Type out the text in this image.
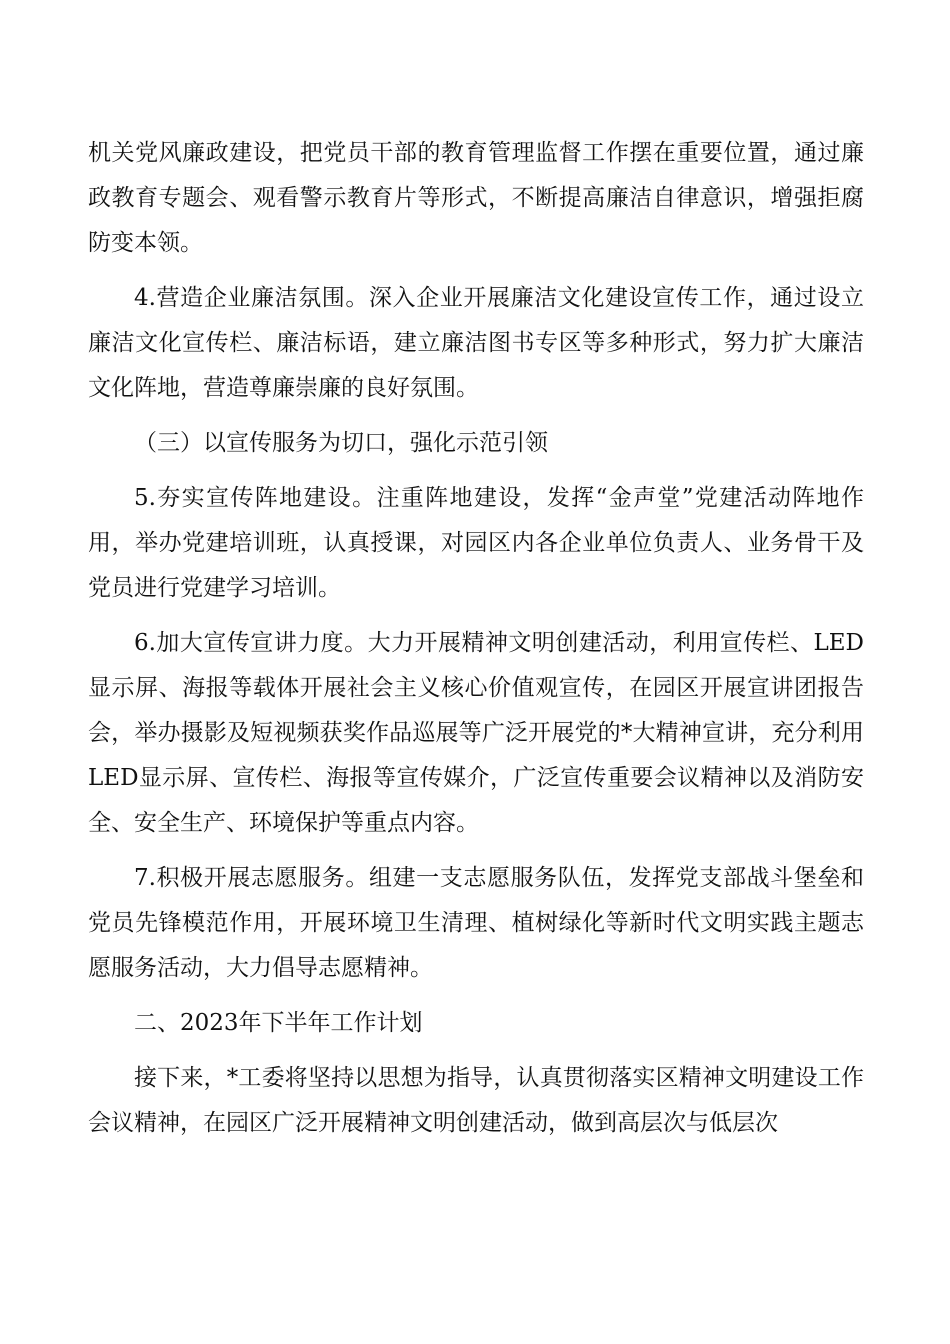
机关党风廉政建设，把党员干部的教育管理监督工作摆在重要位置，通过廉政教育专题会、观看警示教育片等形式，不断提高廉洁自律意识，增强拒腐防变本领。

4.营造企业廉洁氛围。深入企业开展廉洁文化建设宣传工作，通过设立廉洁文化宣传栏、廉洁标语，建立廉洁图书专区等多种形式，努力扩大廉洁文化阵地，营造尊廉崇廉的良好氛围。

（三）以宣传服务为切口，强化示范引领

5.夯实宣传阵地建设。注重阵地建设，发挥“金声堂”党建活动阵地作用，举办党建培训班，认真授课，对园区内各企业单位负责人、业务骨干及党员进行党建学习培训。

6.加大宣传宣讲力度。大力开展精神文明创建活动，利用宣传栏、LED显示屏、海报等载体开展社会主义核心价值观宣传，在园区开展宣讲团报告会，举办摄影及短视频获奖作品巡展等广泛开展党的*大精神宣讲，充分利用LED显示屏、宣传栏、海报等宣传媒介，广泛宣传重要会议精神以及消防安全、安全生产、环境保护等重点内容。

7.积极开展志愿服务。组建一支志愿服务队伍，发挥党支部战斗堡垒和党员先锋模范作用，开展环境卫生清理、植树绿化等新时代文明实践主题志愿服务活动，大力倡导志愿精神。

二、2023年下半年工作计划

接下来，*工委将坚持以思想为指导，认真贯彻落实区精神文明建设工作会议精神，在园区广泛开展精神文明创建活动，做到高层次与低层次
